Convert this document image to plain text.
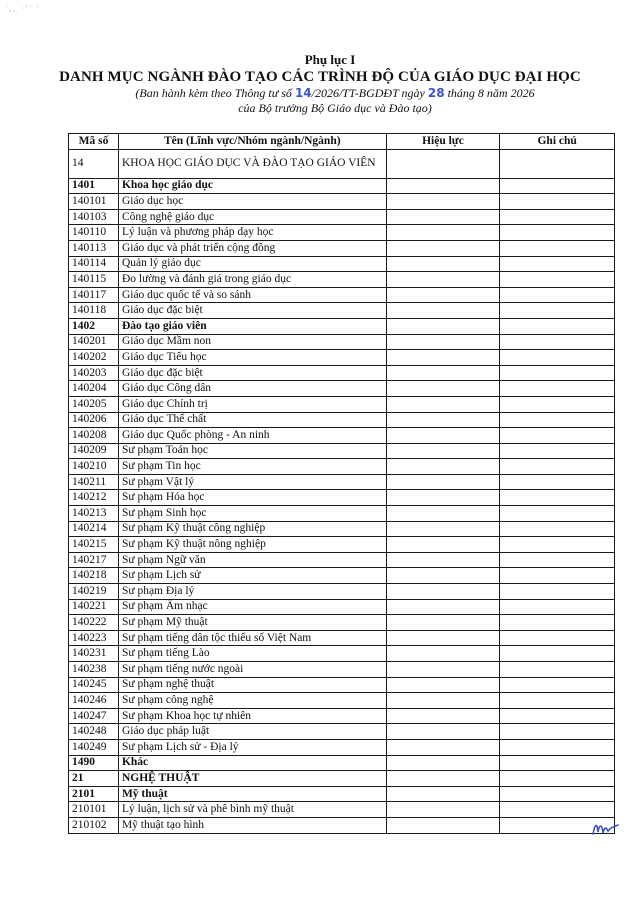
',, ·'' '
Phụ lục I
DANH MỤC NGÀNH ĐÀO TẠO CÁC TRÌNH ĐỘ CỦA GIÁO DỤC ĐẠI HỌC
(Ban hành kèm theo Thông tư số 14/2026/TT-BGDĐT ngày 28 tháng 8 năm 2026
của Bộ trưởng Bộ Giáo dục và Đào tạo)
Mã số	Tên (Lĩnh vực/Nhóm ngành/Ngành)	Hiệu lực	Ghi chú
14	KHOA HỌC GIÁO DỤC VÀ ĐÀO TẠO GIÁO VIÊN		
1401	Khoa học giáo dục		
140101	Giáo dục học		
140103	Công nghệ giáo dục		
140110	Lý luận và phương pháp dạy học		
140113	Giáo dục và phát triển cộng đồng		
140114	Quản lý giáo dục		
140115	Đo lường và đánh giá trong giáo dục		
140117	Giáo dục quốc tế và so sánh		
140118	Giáo dục đặc biệt		
1402	Đào tạo giáo viên		
140201	Giáo dục Mầm non		
140202	Giáo dục Tiểu học		
140203	Giáo dục đặc biệt		
140204	Giáo dục Công dân		
140205	Giáo dục Chính trị		
140206	Giáo dục Thể chất		
140208	Giáo dục Quốc phòng - An ninh		
140209	Sư phạm Toán học		
140210	Sư phạm Tin học		
140211	Sư phạm Vật lý		
140212	Sư phạm Hóa học		
140213	Sư phạm Sinh học		
140214	Sư phạm Kỹ thuật công nghiệp		
140215	Sư phạm Kỹ thuật nông nghiệp		
140217	Sư phạm Ngữ văn		
140218	Sư phạm Lịch sử		
140219	Sư phạm Địa lý		
140221	Sư phạm Âm nhạc		
140222	Sư phạm Mỹ thuật		
140223	Sư phạm tiếng dân tộc thiểu số Việt Nam		
140231	Sư phạm tiếng Lào		
140238	Sư phạm tiếng nước ngoài		
140245	Sư phạm nghệ thuật		
140246	Sư phạm công nghệ		
140247	Sư phạm Khoa học tự nhiên		
140248	Giáo dục pháp luật		
140249	Sư phạm Lịch sử - Địa lý		
1490	Khác		
21	NGHỆ THUẬT		
2101	Mỹ thuật		
210101	Lý luận, lịch sử và phê bình mỹ thuật		
210102	Mỹ thuật tạo hình		
